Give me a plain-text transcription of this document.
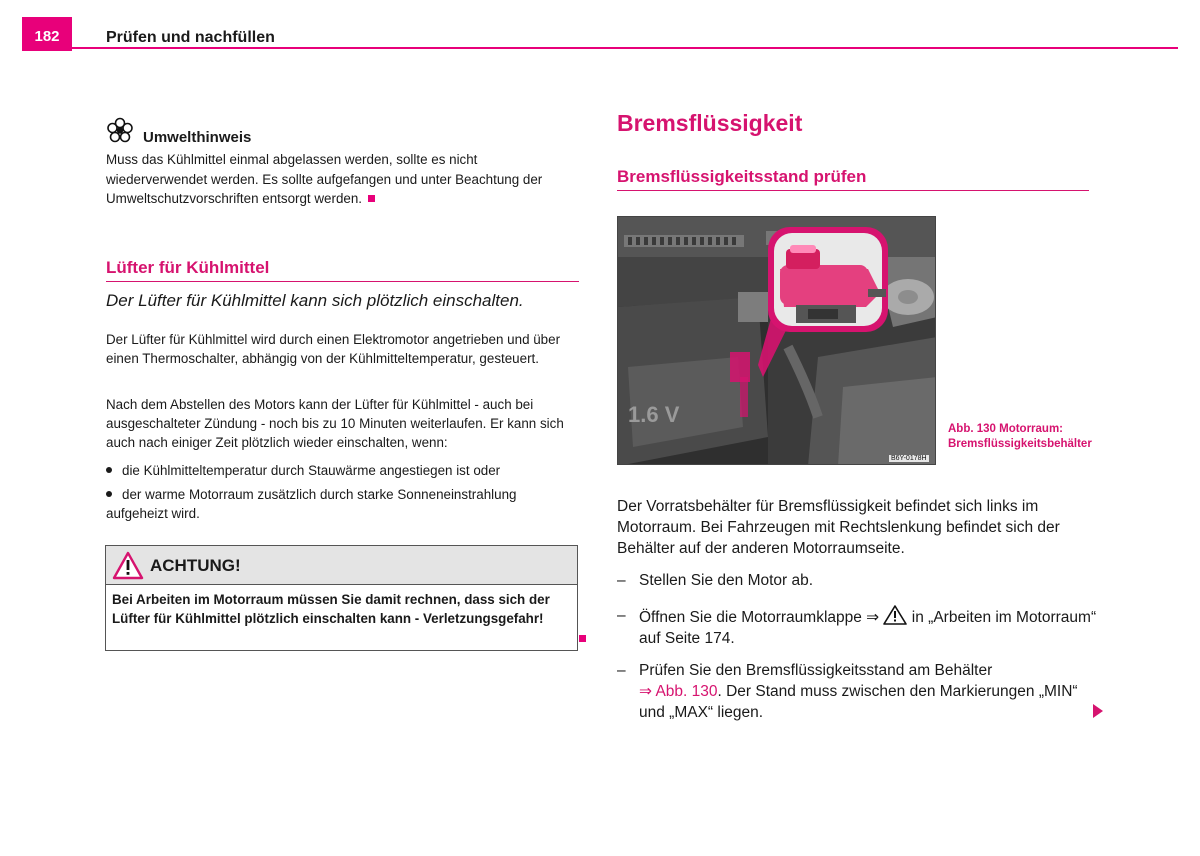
182	Prüfen und nachfüllen
Umwelthinweis
Muss das Kühlmittel einmal abgelassen werden, sollte es nicht wiederverwendet werden. Es sollte aufgefangen und unter Beachtung der Umweltschutzvorschriften entsorgt werden.
Lüfter für Kühlmittel
Der Lüfter für Kühlmittel kann sich plötzlich einschalten.
Der Lüfter für Kühlmittel wird durch einen Elektromotor angetrieben und über einen Thermoschalter, abhängig von der Kühlmitteltemperatur, gesteuert.
Nach dem Abstellen des Motors kann der Lüfter für Kühlmittel - auch bei ausgeschalteter Zündung - noch bis zu 10 Minuten weiterlaufen. Er kann sich auch nach einiger Zeit plötzlich wieder einschalten, wenn:
die Kühlmitteltemperatur durch Stauwärme angestiegen ist oder
der warme Motorraum zusätzlich durch starke Sonneneinstrahlung aufgeheizt wird.
ACHTUNG!
Bei Arbeiten im Motorraum müssen Sie damit rechnen, dass sich der Lüfter für Kühlmittel plötzlich einschalten kann - Verletzungsgefahr!
Bremsflüssigkeit
Bremsflüssigkeitsstand prüfen
1.6 V
B6Y-0178H
Abb. 130 Motorraum: Bremsflüssigkeitsbehälter
Der Vorratsbehälter für Bremsflüssigkeit befindet sich links im Motorraum. Bei Fahrzeugen mit Rechtslenkung befindet sich der Behälter auf der anderen Motorraumseite.
– Stellen Sie den Motor ab.
– Öffnen Sie die Motorraumklappe ⇒ in „Arbeiten im Motorraum“ auf Seite 174.
– Prüfen Sie den Bremsflüssigkeitsstand am Behälter
⇒ Abb. 130. Der Stand muss zwischen den Markierungen „MIN“ und „MAX“ liegen.
